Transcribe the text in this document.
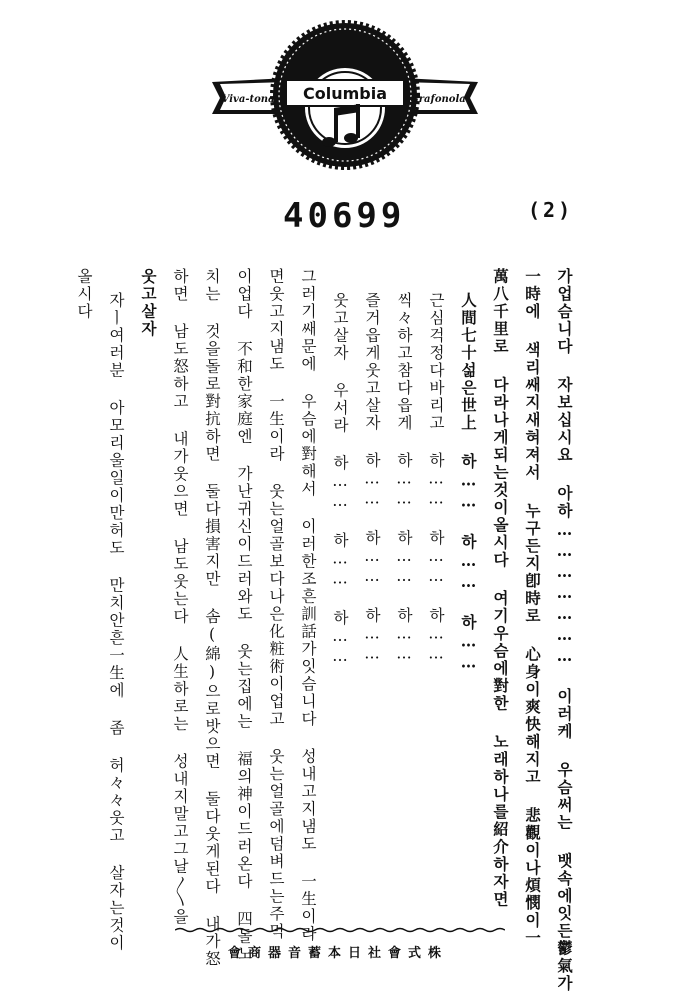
Columbia
Viva-tonal	Grafonola
40699	(2)
가업슴니다 자보십시요 아하………………… 이러케 우슴써는 뱃속에잇든鬱氣가
一時에 색리쌔지새혀져서 누구든지卽時로 心身이爽快해지고 悲觀이나煩憫이一
萬八千里로 다라나게되는것이올시다 여기우슴에對한 노래하나를紹介하자면
人間七十섦은世上 하…… 하…… 하……
근심걱정다바리고 하…… 하…… 하……
씩々하고참다읍게 하…… 하…… 하……
즐거읍게웃고살자 하…… 하…… 하……
웃고살자 우서라 하…… 하…… 하……
그러기쌔문에 우슴에對해서 이러한조흔訓話가잇슴니다 성내고지냄도 一生이라
면웃고지냄도 一生이라 웃는얼골보다나은化粧術이업고 웃는얼골에덤벼드는주먹
이업다 不和한家庭엔 가난귀신이드러와도 웃는집에는 福의神이드러온다 四돌노
치는 것을돌로對抗하면 둘다損害지만 솜(綿)으로밧으면 둘다웃게된다 내가怒
하면 남도怒하고 내가웃으면 남도웃는다 人生하로는 성내지말고그날〳〵을
웃고살자
자ㅣ여러분 아모리울일이만허도 만치안흔一生에 좀 허々々웃고 살자는것이
올시다
會商器音蓄本日社會式株
